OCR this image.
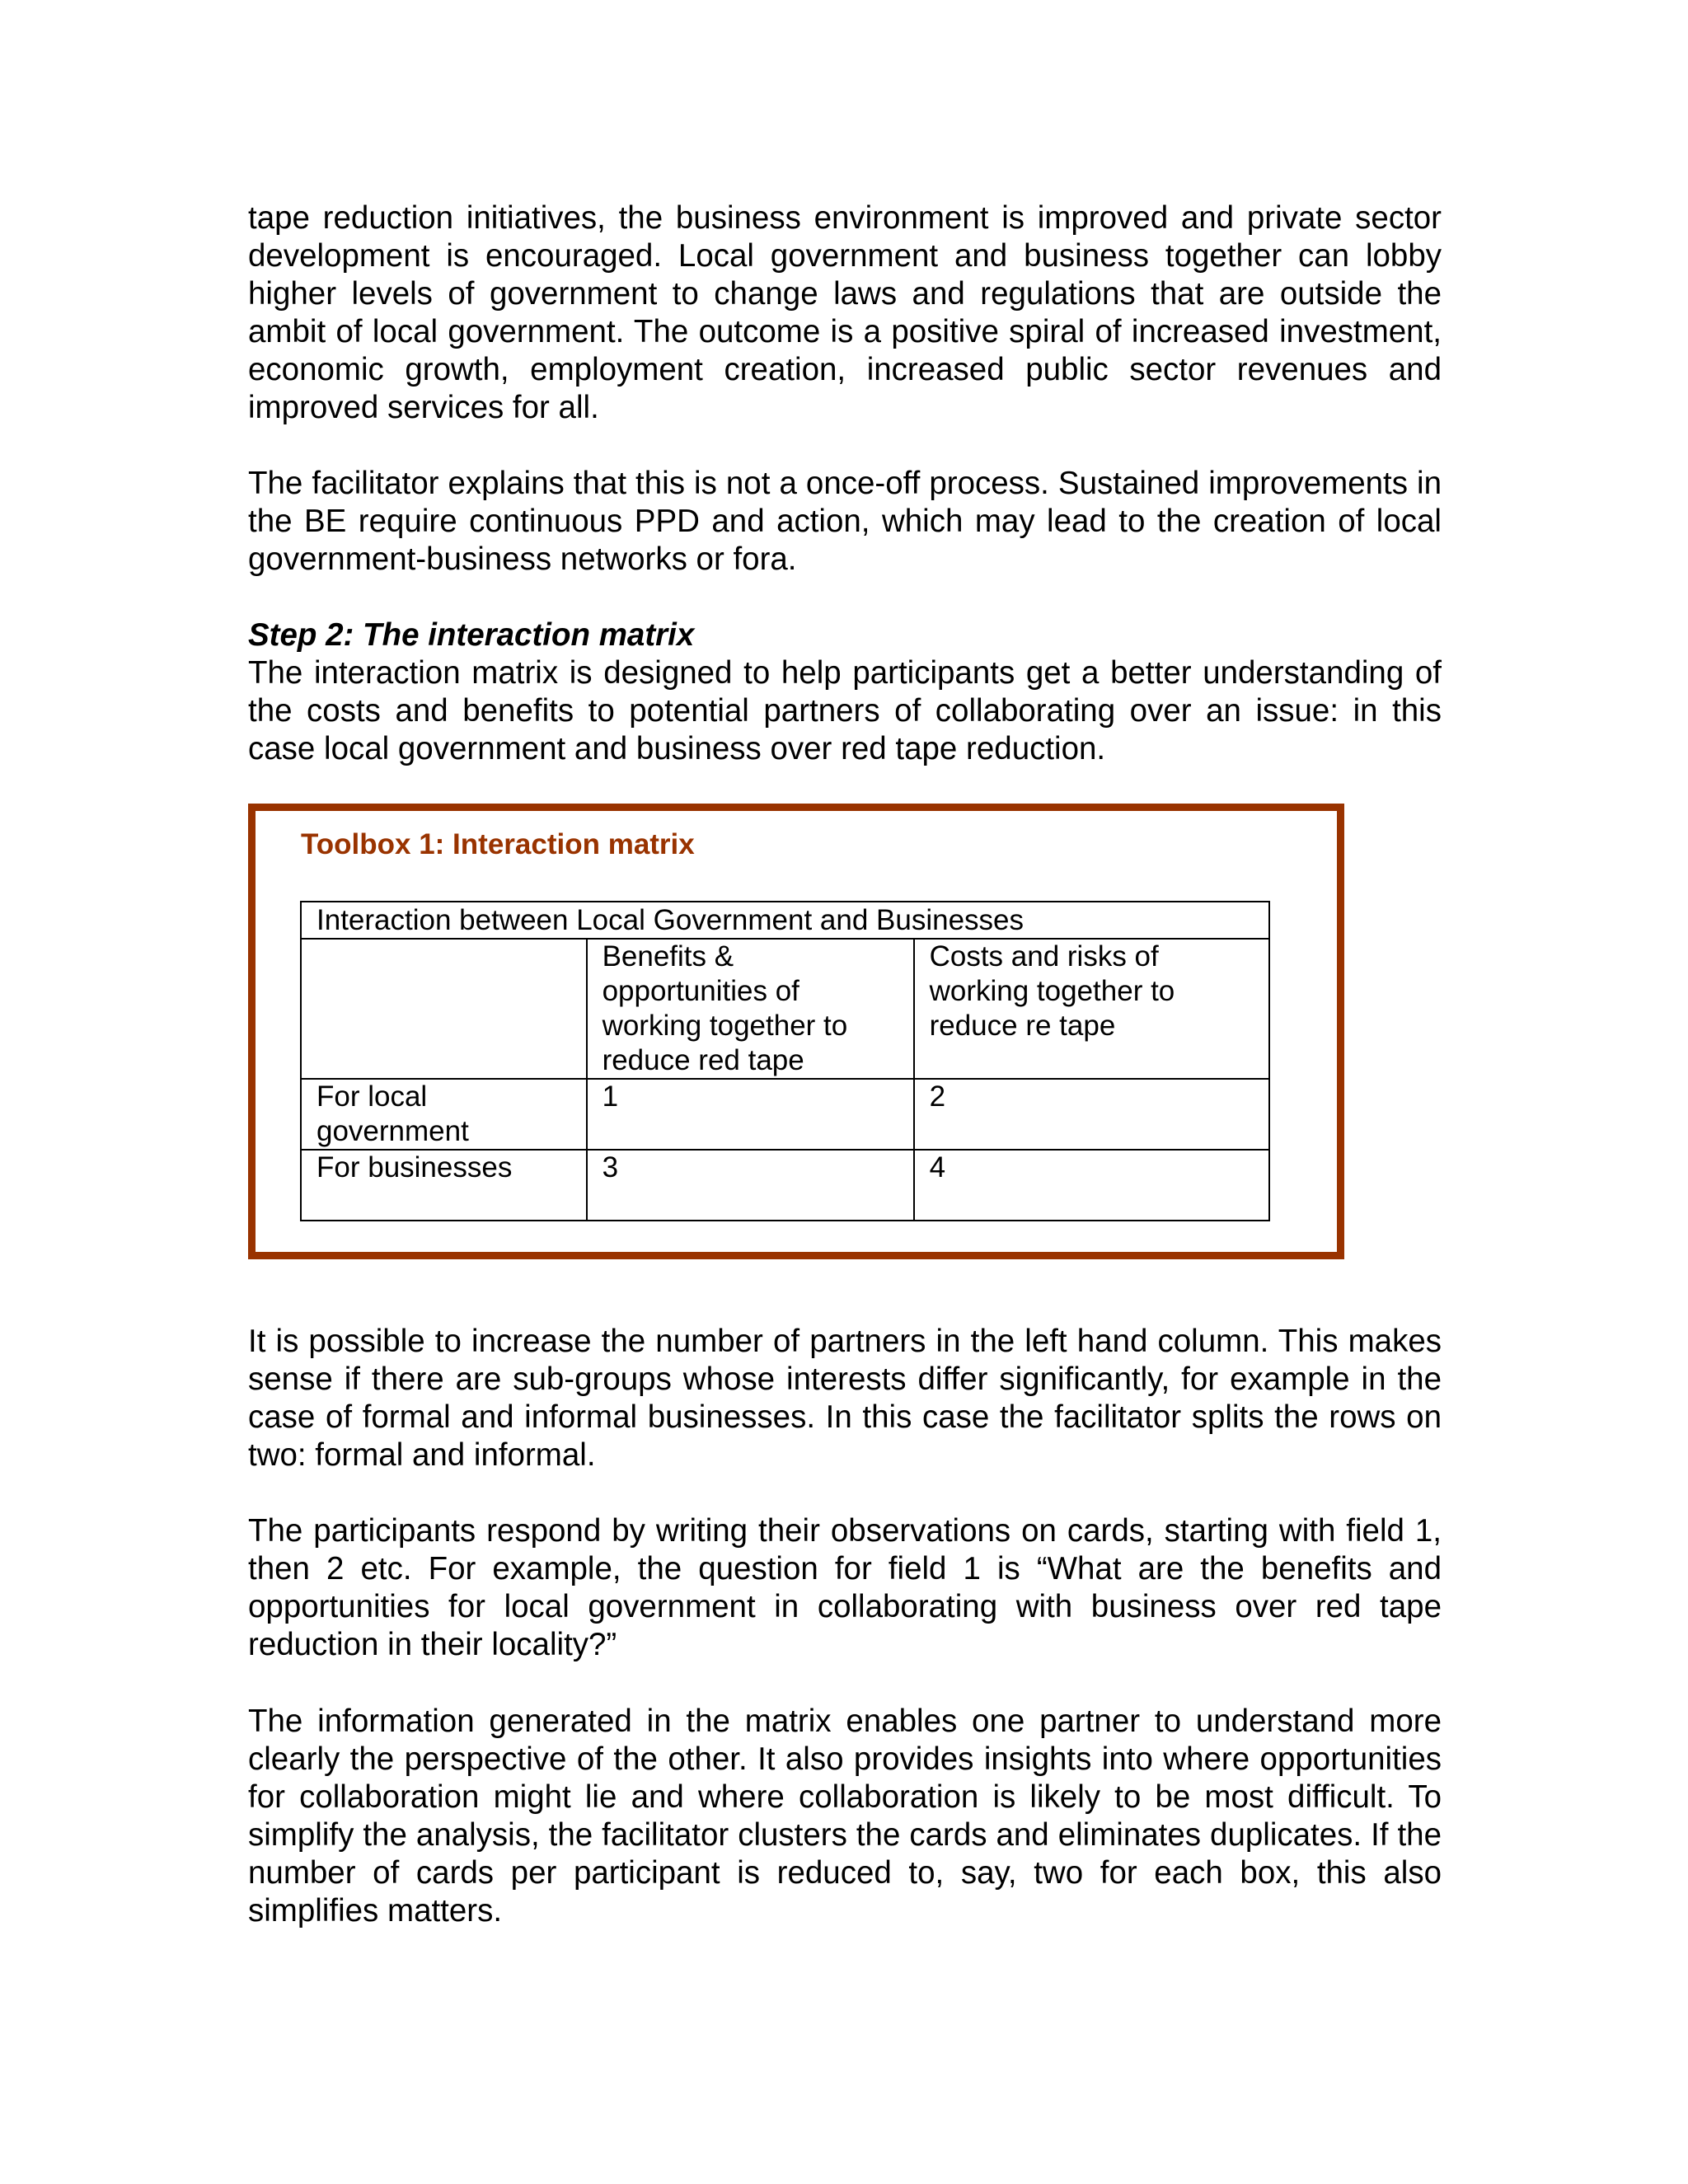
tape reduction initiatives, the business environment is improved and private sector development is encouraged. Local government and business together can lobby higher levels of government to change laws and regulations that are outside the ambit of local government. The outcome is a positive spiral of increased investment, economic growth, employment creation, increased public sector revenues and improved services for all.

The facilitator explains that this is not a once-off process. Sustained improvements in the BE require continuous PPD and action, which may lead to the creation of local government-business networks or fora.

Step 2: The interaction matrix

The interaction matrix is designed to help participants get a better understanding of the costs and benefits to potential partners of collaborating over an issue: in this case local government and business over red tape reduction.

Toolbox 1: Interaction matrix

Interaction between Local Government and Businesses		
	Benefits & opportunities of working together to reduce red tape	Costs and risks of working together to reduce re tape
For local government	1	2
For businesses	3	4

It is possible to increase the number of partners in the left hand column. This makes sense if there are sub-groups whose interests differ significantly, for example in the case of formal and informal businesses. In this case the facilitator splits the rows on two: formal and informal.

The participants respond by writing their observations on cards, starting with field 1, then 2 etc. For example, the question for field 1 is “What are the benefits and opportunities for local government in collaborating with business over red tape reduction in their locality?”

The information generated in the matrix enables one partner to understand more clearly the perspective of the other. It also provides insights into where opportunities for collaboration might lie and where collaboration is likely to be most difficult. To simplify the analysis, the facilitator clusters the cards and eliminates duplicates. If the number of cards per participant is reduced to, say, two for each box, this also simplifies matters.
